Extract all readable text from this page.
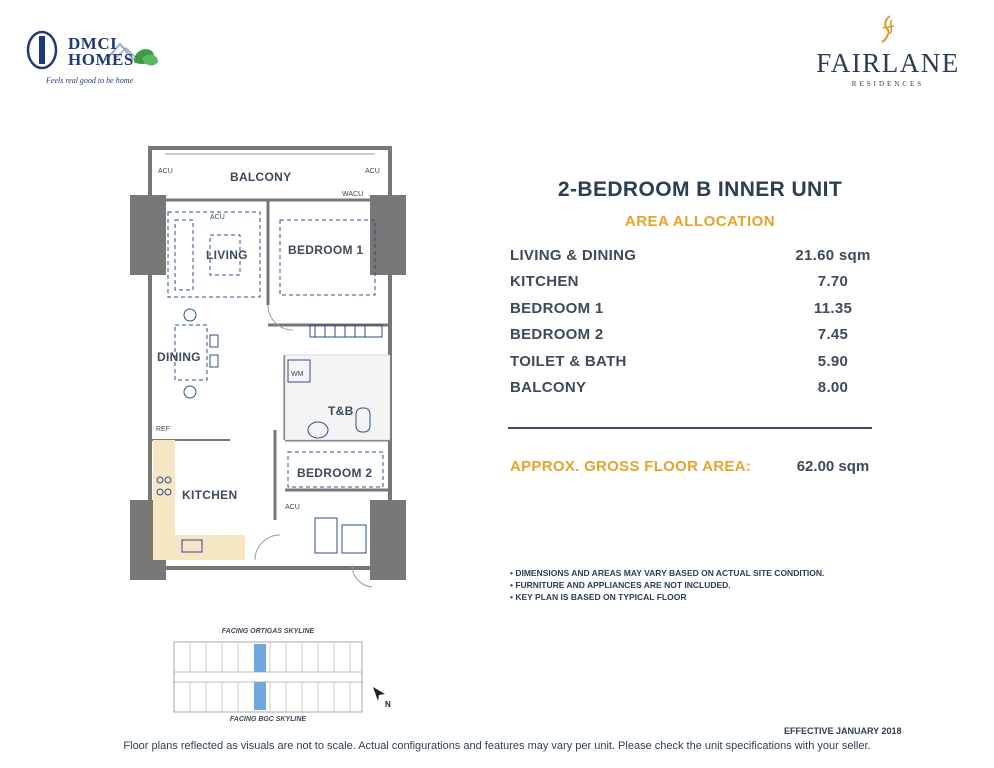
DMCI
HOMES
Feels real good to be home
FAIRLANE
RESIDENCES
BALCONY
LIVING	BEDROOM 1
DINING
T&B
BEDROOM 2
KITCHEN
ACU	ACU
WACU
ACU
WM
REF
ACU
2-BEDROOM B INNER UNIT
AREA ALLOCATION
LIVING & DINING	21.60 sqm
KITCHEN	7.70
BEDROOM 1	11.35
BEDROOM 2	7.45
TOILET & BATH	5.90
BALCONY	8.00
APPROX. GROSS FLOOR AREA:	62.00 sqm
• DIMENSIONS AND AREAS MAY VARY BASED ON ACTUAL SITE CONDITION.
• FURNITURE AND APPLIANCES ARE NOT INCLUDED.
• KEY PLAN IS BASED ON TYPICAL FLOOR
FACING ORTIGAS SKYLINE
FACING BGC SKYLINE
N
EFFECTIVE JANUARY 2018
Floor plans reflected as visuals are not to scale. Actual configurations and features may vary per unit. Please check the unit specifications with your seller.
